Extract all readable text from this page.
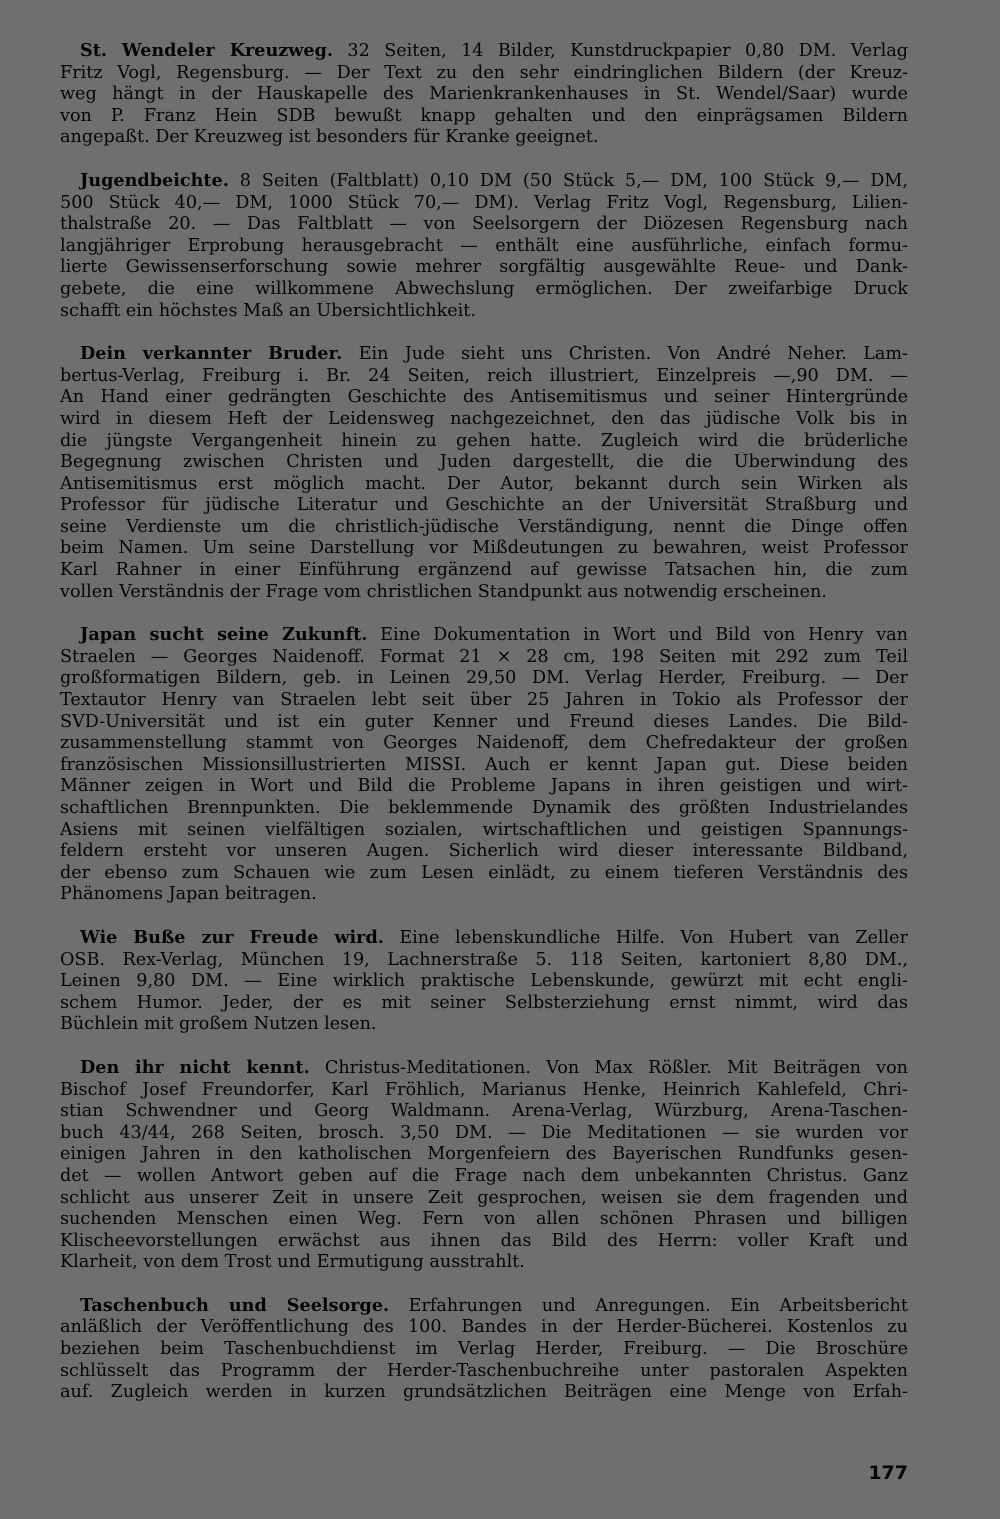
St. Wendeler Kreuzweg. 32 Seiten, 14 Bilder, Kunstdruckpapier 0,80 DM. Verlag
Fritz Vogl, Regensburg. — Der Text zu den sehr eindringlichen Bildern (der Kreuz-
weg hängt in der Hauskapelle des Marienkrankenhauses in St. Wendel/Saar) wurde
von P. Franz Hein SDB bewußt knapp gehalten und den einprägsamen Bildern
angepaßt. Der Kreuzweg ist besonders für Kranke geeignet.
Jugendbeichte. 8 Seiten (Faltblatt) 0,10 DM (50 Stück 5,— DM, 100 Stück 9,— DM,
500 Stück 40,— DM, 1000 Stück 70,— DM). Verlag Fritz Vogl, Regensburg, Lilien-
thalstraße 20. — Das Faltblatt — von Seelsorgern der Diözesen Regensburg nach
langjähriger Erprobung herausgebracht — enthält eine ausführliche, einfach formu-
lierte Gewissenserforschung sowie mehrer sorgfältig ausgewählte Reue- und Dank-
gebete, die eine willkommene Abwechslung ermöglichen. Der zweifarbige Druck
schafft ein höchstes Maß an Übersichtlichkeit.
Dein verkannter Bruder. Ein Jude sieht uns Christen. Von André Neher. Lam-
bertus-Verlag, Freiburg i. Br. 24 Seiten, reich illustriert, Einzelpreis —,90 DM. —
An Hand einer gedrängten Geschichte des Antisemitismus und seiner Hintergründe
wird in diesem Heft der Leidensweg nachgezeichnet, den das jüdische Volk bis in
die jüngste Vergangenheit hinein zu gehen hatte. Zugleich wird die brüderliche
Begegnung zwischen Christen und Juden dargestellt, die die Überwindung des
Antisemitismus erst möglich macht. Der Autor, bekannt durch sein Wirken als
Professor für jüdische Literatur und Geschichte an der Universität Straßburg und
seine Verdienste um die christlich-jüdische Verständigung, nennt die Dinge offen
beim Namen. Um seine Darstellung vor Mißdeutungen zu bewahren, weist Professor
Karl Rahner in einer Einführung ergänzend auf gewisse Tatsachen hin, die zum
vollen Verständnis der Frage vom christlichen Standpunkt aus notwendig erscheinen.
Japan sucht seine Zukunft. Eine Dokumentation in Wort und Bild von Henry van
Straelen — Georges Naidenoff. Format 21 × 28 cm, 198 Seiten mit 292 zum Teil
großformatigen Bildern, geb. in Leinen 29,50 DM. Verlag Herder, Freiburg. — Der
Textautor Henry van Straelen lebt seit über 25 Jahren in Tokio als Professor der
SVD-Universität und ist ein guter Kenner und Freund dieses Landes. Die Bild-
zusammenstellung stammt von Georges Naidenoff, dem Chefredakteur der großen
französischen Missionsillustrierten MISSI. Auch er kennt Japan gut. Diese beiden
Männer zeigen in Wort und Bild die Probleme Japans in ihren geistigen und wirt-
schaftlichen Brennpunkten. Die beklemmende Dynamik des größten Industrielandes
Asiens mit seinen vielfältigen sozialen, wirtschaftlichen und geistigen Spannungs-
feldern ersteht vor unseren Augen. Sicherlich wird dieser interessante Bildband,
der ebenso zum Schauen wie zum Lesen einlädt, zu einem tieferen Verständnis des
Phänomens Japan beitragen.
Wie Buße zur Freude wird. Eine lebenskundliche Hilfe. Von Hubert van Zeller
OSB. Rex-Verlag, München 19, Lachnerstraße 5. 118 Seiten, kartoniert 8,80 DM.,
Leinen 9,80 DM. — Eine wirklich praktische Lebenskunde, gewürzt mit echt engli-
schem Humor. Jeder, der es mit seiner Selbsterziehung ernst nimmt, wird das
Büchlein mit großem Nutzen lesen.
Den ihr nicht kennt. Christus-Meditationen. Von Max Rößler. Mit Beiträgen von
Bischof Josef Freundorfer, Karl Fröhlich, Marianus Henke, Heinrich Kahlefeld, Chri-
stian Schwendner und Georg Waldmann. Arena-Verlag, Würzburg, Arena-Taschen-
buch 43/44, 268 Seiten, brosch. 3,50 DM. — Die Meditationen — sie wurden vor
einigen Jahren in den katholischen Morgenfeiern des Bayerischen Rundfunks gesen-
det — wollen Antwort geben auf die Frage nach dem unbekannten Christus. Ganz
schlicht aus unserer Zeit in unsere Zeit gesprochen, weisen sie dem fragenden und
suchenden Menschen einen Weg. Fern von allen schönen Phrasen und billigen
Klischeevorstellungen erwächst aus ihnen das Bild des Herrn: voller Kraft und
Klarheit, von dem Trost und Ermutigung ausstrahlt.
Taschenbuch und Seelsorge. Erfahrungen und Anregungen. Ein Arbeitsbericht
anläßlich der Veröffentlichung des 100. Bandes in der Herder-Bücherei. Kostenlos zu
beziehen beim Taschenbuchdienst im Verlag Herder, Freiburg. — Die Broschüre
schlüsselt das Programm der Herder-Taschenbuchreihe unter pastoralen Aspekten
auf. Zugleich werden in kurzen grundsätzlichen Beiträgen eine Menge von Erfah-
177
